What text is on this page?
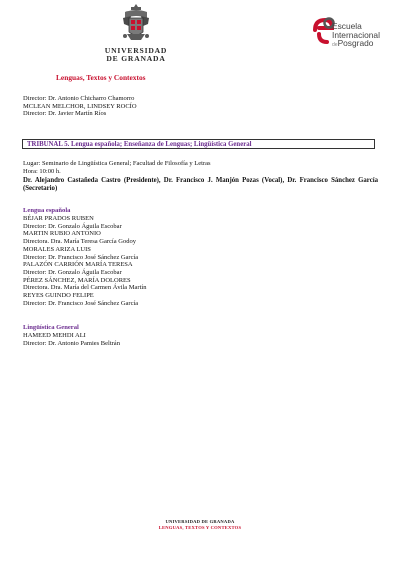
UNIVERSIDAD
DE GRANADA
Lenguas, Textos y Contextos
Escuela
Internacional
dePosgrado
Director: Dr. Antonio Chicharro Chamorro
MCLEAN MELCHOR, LINDSEY ROCÍO
Director: Dr. Javier Martín Ríos
TRIBUNAL 5. Lengua española; Enseñanza de Lenguas; Lingüística General
Lugar: Seminario de Lingüística General; Facultad de Filosofía y Letras
Hora: 10:00 h.
Dr. Alejandro Castañeda Castro (Presidente), Dr. Francisco J. Manjón Pozas (Vocal), Dr. Francisco Sánchez García (Secretario)
Lengua española
BÉJAR PRADOS RUBEN
Director: Dr. Gonzalo Águila Escobar
MARTIN RUBIO ANTONIO
Directora. Dra. María Teresa García Godoy
MORALES ARIZA LUIS
Director: Dr. Francisco José Sánchez García
PALAZÓN CARRIÓN MARÍA TERESA
Director: Dr. Gonzalo Águila Escobar
PÉREZ SÁNCHEZ, MARÍA DOLORES
Directora. Dra. María del Carmen Ávila Martín
REYES GUINDO FELIPE
Director: Dr. Francisco José Sánchez García
Lingüística General
HAMEED MEHDI ALI
Director: Dr. Antonio Pamies Beltrán
UNIVERSIDAD DE GRANADA
LENGUAS, TEXTOS Y CONTEXTOS
